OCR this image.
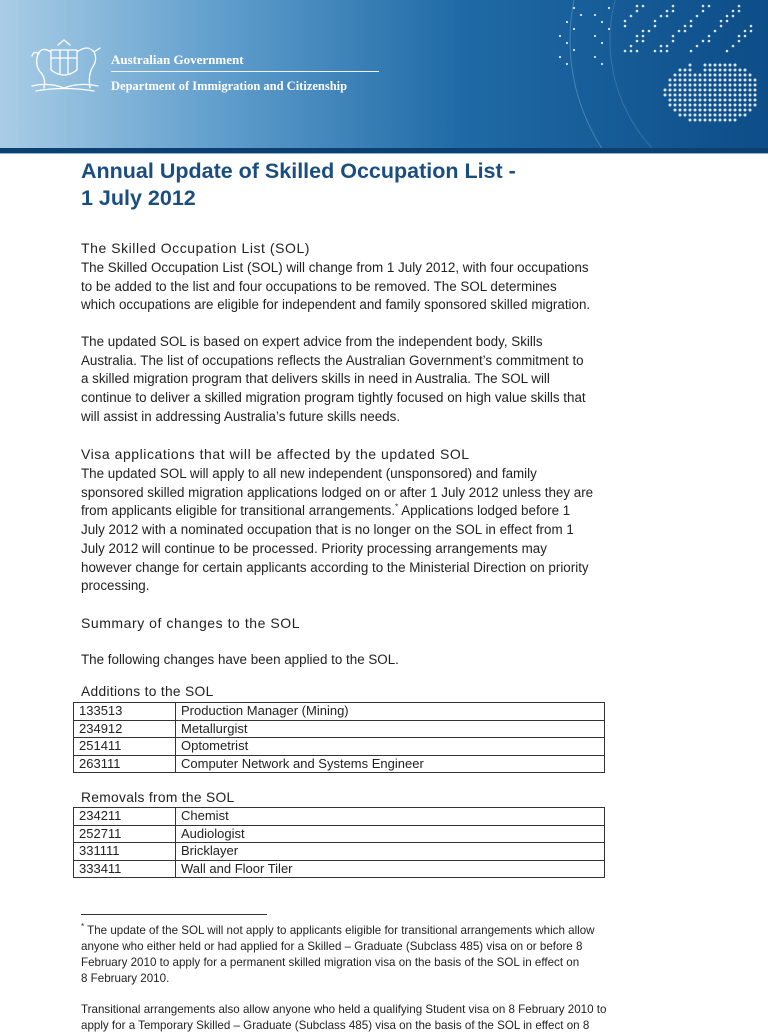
Australian Government
Department of Immigration and Citizenship
Annual Update of Skilled Occupation List -
1 July 2012
The Skilled Occupation List (SOL)
The Skilled Occupation List (SOL) will change from 1 July 2012, with four occupations
to be added to the list and four occupations to be removed. The SOL determines
which occupations are eligible for independent and family sponsored skilled migration.
The updated SOL is based on expert advice from the independent body, Skills
Australia. The list of occupations reflects the Australian Government’s commitment to
a skilled migration program that delivers skills in need in Australia. The SOL will
continue to deliver a skilled migration program tightly focused on high value skills that
will assist in addressing Australia’s future skills needs.
Visa applications that will be affected by the updated SOL
The updated SOL will apply to all new independent (unsponsored) and family
sponsored skilled migration applications lodged on or after 1 July 2012 unless they are
from applicants eligible for transitional arrangements.* Applications lodged before 1
July 2012 with a nominated occupation that is no longer on the SOL in effect from 1
July 2012 will continue to be processed. Priority processing arrangements may
however change for certain applicants according to the Ministerial Direction on priority
processing.
Summary of changes to the SOL
The following changes have been applied to the SOL.
Additions to the SOL
133513	Production Manager (Mining)
234912	Metallurgist
251411	Optometrist
263111	Computer Network and Systems Engineer
Removals from the SOL
234211	Chemist
252711	Audiologist
331111	Bricklayer
333411	Wall and Floor Tiler
* The update of the SOL will not apply to applicants eligible for transitional arrangements which allow
anyone who either held or had applied for a Skilled – Graduate (Subclass 485) visa on or before 8
February 2010 to apply for a permanent skilled migration visa on the basis of the SOL in effect on
8 February 2010.
Transitional arrangements also allow anyone who held a qualifying Student visa on 8 February 2010 to
apply for a Temporary Skilled – Graduate (Subclass 485) visa on the basis of the SOL in effect on 8
